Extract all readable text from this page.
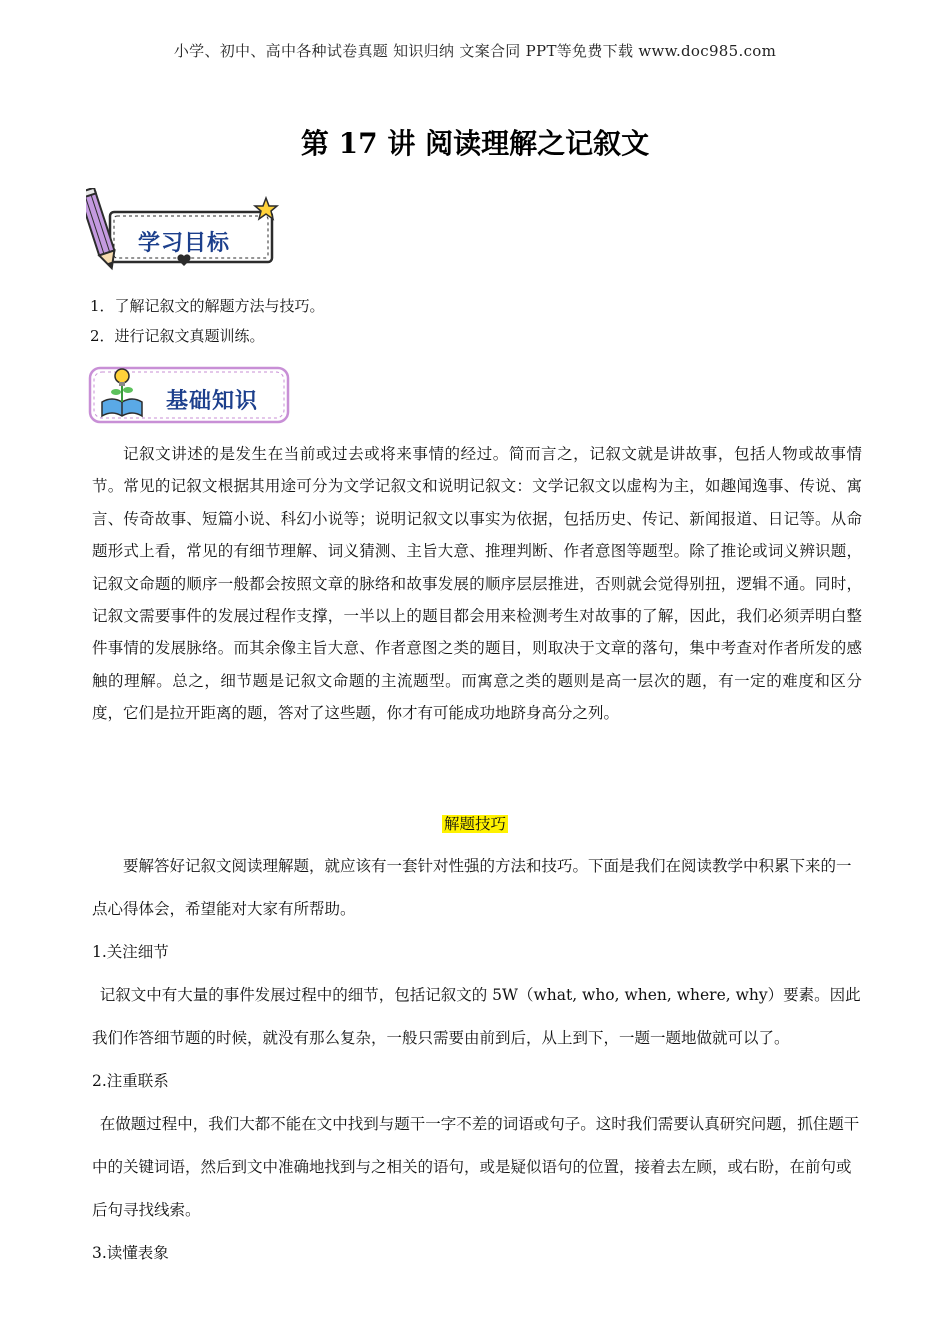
小学、初中、高中各种试卷真题 知识归纳 文案合同 PPT等免费下载 www.doc985.com
第 17 讲 阅读理解之记叙文
学习目标
1．了解记叙文的解题方法与技巧。
2．进行记叙文真题训练。
基础知识

记叙文讲述的是发生在当前或过去或将来事情的经过。简而言之，记叙文就是讲故事，包括人物或故事情节。常见的记叙文根据其用途可分为文学记叙文和说明记叙文：文学记叙文以虚构为主，如趣闻逸事、传说、寓言、传奇故事、短篇小说、科幻小说等；说明记叙文以事实为依据，包括历史、传记、新闻报道、日记等。从命题形式上看，常见的有细节理解、词义猜测、主旨大意、推理判断、作者意图等题型。除了推论或词义辨识题，记叙文命题的顺序一般都会按照文章的脉络和故事发展的顺序层层推进，否则就会觉得别扭，逻辑不通。同时，记叙文需要事件的发展过程作支撑，一半以上的题目都会用来检测考生对故事的了解，因此，我们必须弄明白整件事情的发展脉络。而其余像主旨大意、作者意图之类的题目，则取决于文章的落句，集中考查对作者所发的感触的理解。总之，细节题是记叙文命题的主流题型。而寓意之类的题则是高一层次的题，有一定的难度和区分度，它们是拉开距离的题，答对了这些题，你才有可能成功地跻身高分之列。

解题技巧

要解答好记叙文阅读理解题，就应该有一套针对性强的方法和技巧。下面是我们在阅读教学中积累下来的一点心得体会，希望能对大家有所帮助。

1.关注细节

记叙文中有大量的事件发展过程中的细节，包括记叙文的 5W（what, who, when, where, why）要素。因此我们作答细节题的时候，就没有那么复杂，一般只需要由前到后，从上到下，一题一题地做就可以了。

2.注重联系

在做题过程中，我们大都不能在文中找到与题干一字不差的词语或句子。这时我们需要认真研究问题，抓住题干中的关键词语，然后到文中准确地找到与之相关的语句，或是疑似语句的位置，接着去左顾，或右盼，在前句或后句寻找线索。

3.读懂表象
